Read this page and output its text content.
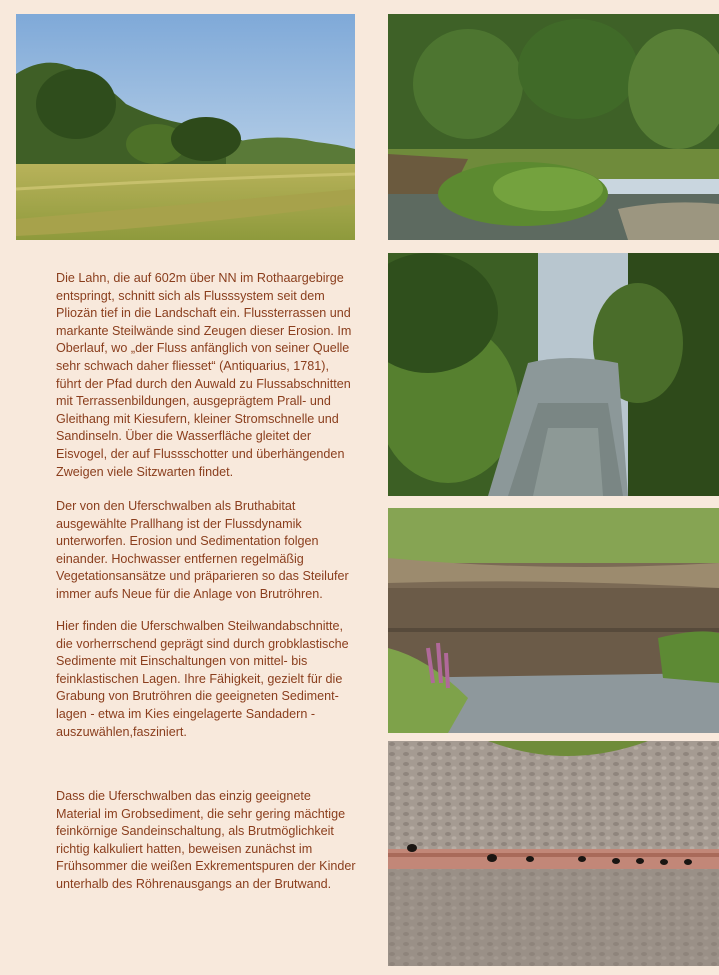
Die Lahn, die auf 602m über NN im Rothaargebirge
entspringt, schnitt sich als Flusssystem seit dem
Pliozän tief in die Landschaft ein. Flussterrassen und
markante Steilwände sind Zeugen dieser Erosion. Im
Oberlauf, wo „der Fluss anfänglich von seiner Quelle
sehr schwach daher fliesset“ (Antiquarius, 1781),
führt der Pfad durch den Auwald zu Flussabschnitten
mit Terrassenbildungen, ausgeprägtem Prall- und
Gleithang mit Kiesufern, kleiner Stromschnelle und
Sandinseln. Über die Wasserfläche gleitet der
Eisvogel, der auf Flussschotter und überhängenden
Zweigen viele Sitzwarten findet.

Der von den Uferschwalben als Bruthabitat
ausgewählte Prallhang ist der Flussdynamik
unterworfen. Erosion und Sedimentation folgen
einander. Hochwasser entfernen regelmäßig
Vegetationsansätze und präparieren so das Steilufer
immer aufs Neue für die Anlage von Brutröhren.

Hier finden die Uferschwalben Steilwandabschnitte,
die vorherrschend geprägt sind durch grobklastische
Sedimente mit Einschaltungen von mittel- bis
feinklastischen Lagen. Ihre Fähigkeit, gezielt für die
Grabung von Brutröhren die geeigneten Sediment-
lagen - etwa im Kies eingelagerte Sandadern -
auszuwählen,fasziniert.

Dass die Uferschwalben das einzig geeignete
Material im Grobsediment, die sehr gering mächtige
feinkörnige Sandeinschaltung, als Brutmöglichkeit
richtig kalkuliert hatten, beweisen zunächst im
Frühsommer die weißen Exkrementspuren der Kinder
unterhalb des Röhrenausgangs an der Brutwand.
